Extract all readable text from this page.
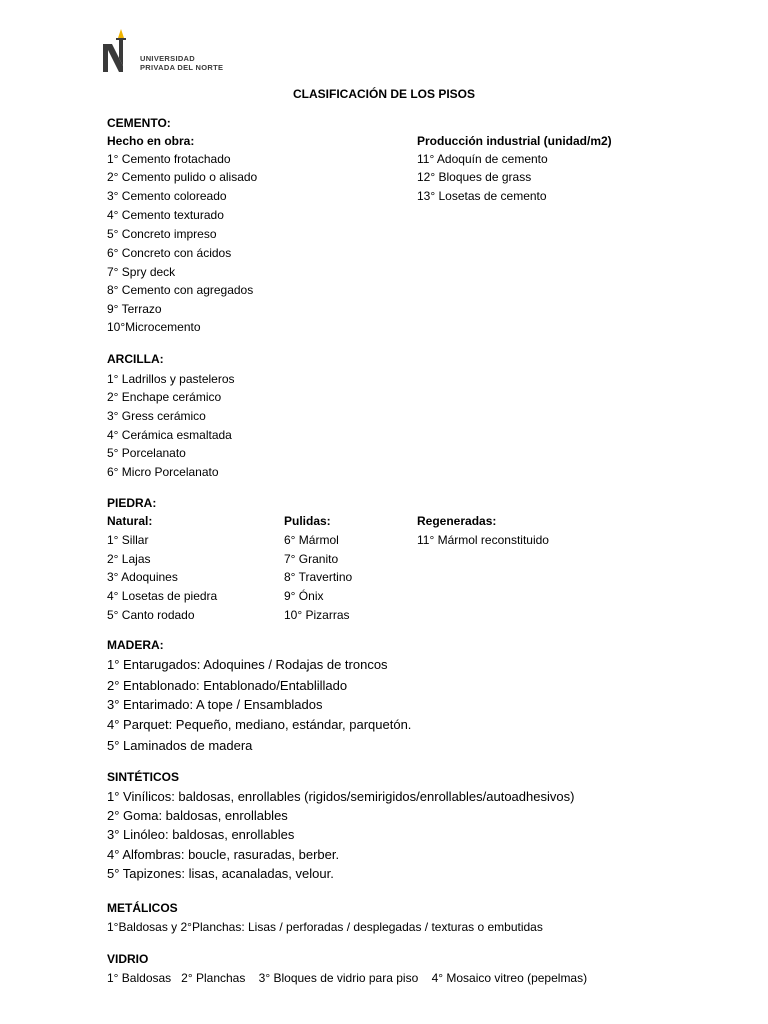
UNIVERSIDAD
PRIVADA DEL NORTE
CLASIFICACIÓN DE LOS PISOS
CEMENTO:
Hecho en obra:
1° Cemento frotachado
2° Cemento pulido o alisado
3° Cemento coloreado
4° Cemento texturado
5° Concreto impreso
6° Concreto con ácidos
7° Spry deck
8° Cemento con agregados
9° Terrazo
10°Microcemento
Producción industrial (unidad/m2)
11° Adoquín de cemento
12° Bloques de grass
13° Losetas de cemento
ARCILLA:
1° Ladrillos y pasteleros
2° Enchape cerámico
3° Gress cerámico
4° Cerámica esmaltada
5° Porcelanato
6° Micro Porcelanato
PIEDRA:
Natural:
1° Sillar
2° Lajas
3° Adoquines
4° Losetas de piedra
5° Canto rodado
Pulidas:
6° Mármol
7° Granito
8° Travertino
9° Ónix
10° Pizarras
Regeneradas:
11° Mármol reconstituido
MADERA:
1° Entarugados: Adoquines / Rodajas de troncos
2° Entablonado: Entablonado/Entablillado
3° Entarimado: A tope / Ensamblados
4° Parquet: Pequeño, mediano, estándar, parquetón.
5° Laminados de madera
SINTÉTICOS
1° Vinílicos: baldosas, enrollables (rigidos/semirigidos/enrollables/autoadhesivos)
2° Goma: baldosas, enrollables
3° Linóleo: baldosas, enrollables
4° Alfombras: boucle, rasuradas, berber.
5° Tapizones: lisas, acanaladas, velour.
METÁLICOS
1°Baldosas y 2°Planchas: Lisas / perforadas / desplegadas / texturas o embutidas
VIDRIO
1° Baldosas   2° Planchas    3° Bloques de vidrio para piso    4° Mosaico vitreo (pepelmas)
